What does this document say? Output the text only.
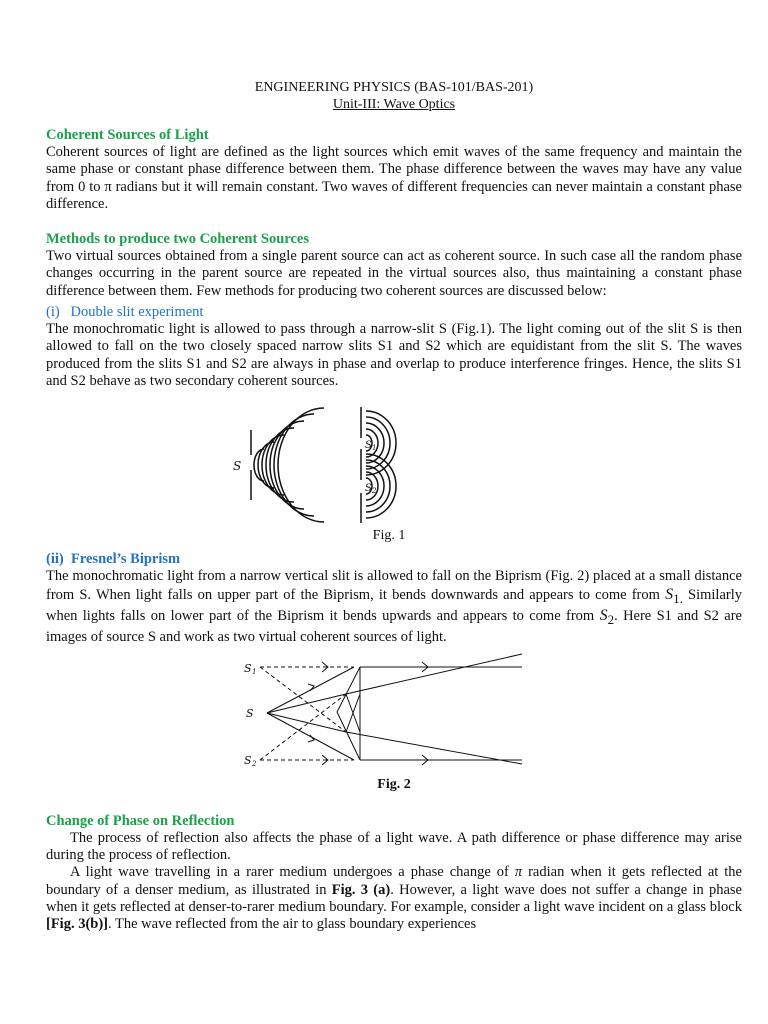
ENGINEERING PHYSICS (BAS-101/BAS-201)
Unit-III: Wave Optics
Coherent Sources of Light

Coherent sources of light are defined as the light sources which emit waves of the same frequency and maintain the same phase or constant phase difference between them. The phase difference between the waves may have any value from 0 to π radians but it will remain constant. Two waves of different frequencies can never maintain a constant phase difference.

Methods to produce two Coherent Sources

Two virtual sources obtained from a single parent source can act as coherent source. In such case all the random phase changes occurring in the parent source are repeated in the virtual sources also, thus maintaining a constant phase difference between them. Few methods for producing two coherent sources are discussed below:

(i)   Double slit experiment

The monochromatic light is allowed to pass through a narrow-slit S (Fig.1). The light coming out of the slit S is then allowed to fall on the two closely spaced narrow slits S1 and S2 which are equidistant from the slit S. The waves produced from the slits S1 and S2 are always in phase and overlap to produce interference fringes. Hence, the slits S1 and S2 behave as two secondary coherent sources.

S
S 1
S 2
Fig. 1
(ii)  Fresnel’s Biprism

The monochromatic light from a narrow vertical slit is allowed to fall on the Biprism (Fig. 2) placed at a small distance from S. When light falls on upper part of the Biprism, it bends downwards and appears to come from $S_{1.}$ Similarly when lights falls on lower part of the Biprism it bends upwards and appears to come from $S_2$. Here S1 and S2 are images of source S and work as two virtual coherent sources of light.

S 1
S
S 2
Fig. 2
Change of Phase on Reflection

The process of reflection also affects the phase of a light wave. A path difference or phase difference may arise during the process of reflection.

A light wave travelling in a rarer medium undergoes a phase change of π radian when it gets reflected at the boundary of a denser medium, as illustrated in Fig. 3 (a). However, a light wave does not suffer a change in phase when it gets reflected at denser-to-rarer medium boundary. For example, consider a light wave incident on a glass block [Fig. 3(b)]. The wave reflected from the air to glass boundary experiences
